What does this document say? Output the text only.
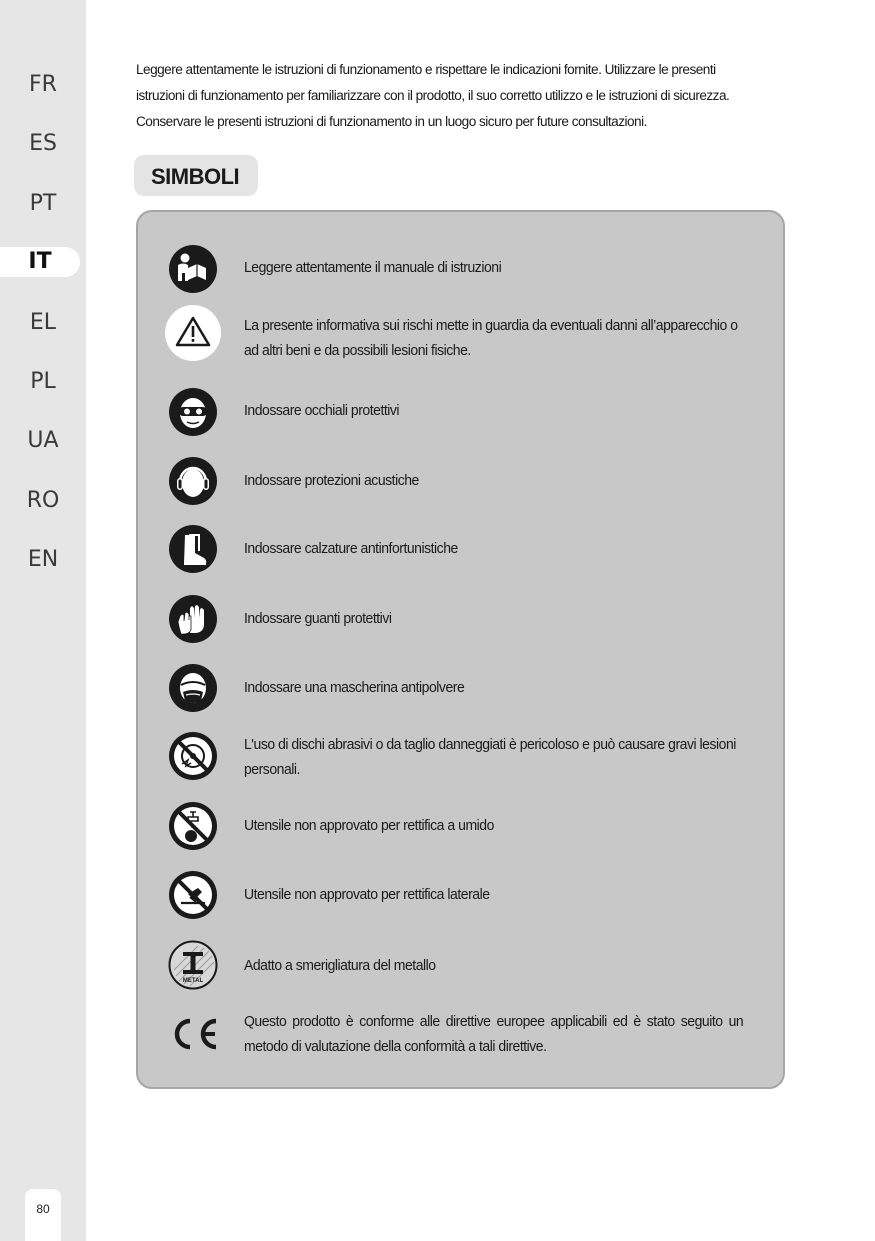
FR
ES
PT
IT
EL
PL
UA
RO
EN
80
Leggere attentamente le istruzioni di funzionamento e rispettare le indicazioni fornite. Utilizzare le presenti istruzioni di funzionamento per familiarizzare con il prodotto, il suo corretto utilizzo e le istruzioni di sicurezza. Conservare le presenti istruzioni di funzionamento in un luogo sicuro per future consultazioni.
SIMBOLI
Leggere attentamente il manuale di istruzioni
La presente informativa sui rischi mette in guardia da eventuali danni all’apparecchio o ad altri beni e da possibili lesioni fisiche.
Indossare occhiali protettivi
Indossare protezioni acustiche
Indossare calzature antinfortunistiche
Indossare guanti protettivi
Indossare una mascherina antipolvere
L'uso di dischi abrasivi o da taglio danneggiati è pericoloso e può causare gravi lesioni personali.
Utensile non approvato per rettifica a umido
Utensile non approvato per rettifica laterale
METAL
Adatto a smerigliatura del metallo
CE
Questo prodotto è conforme alle direttive europee applicabili ed è stato seguito un metodo di valutazione della conformità a tali direttive.
